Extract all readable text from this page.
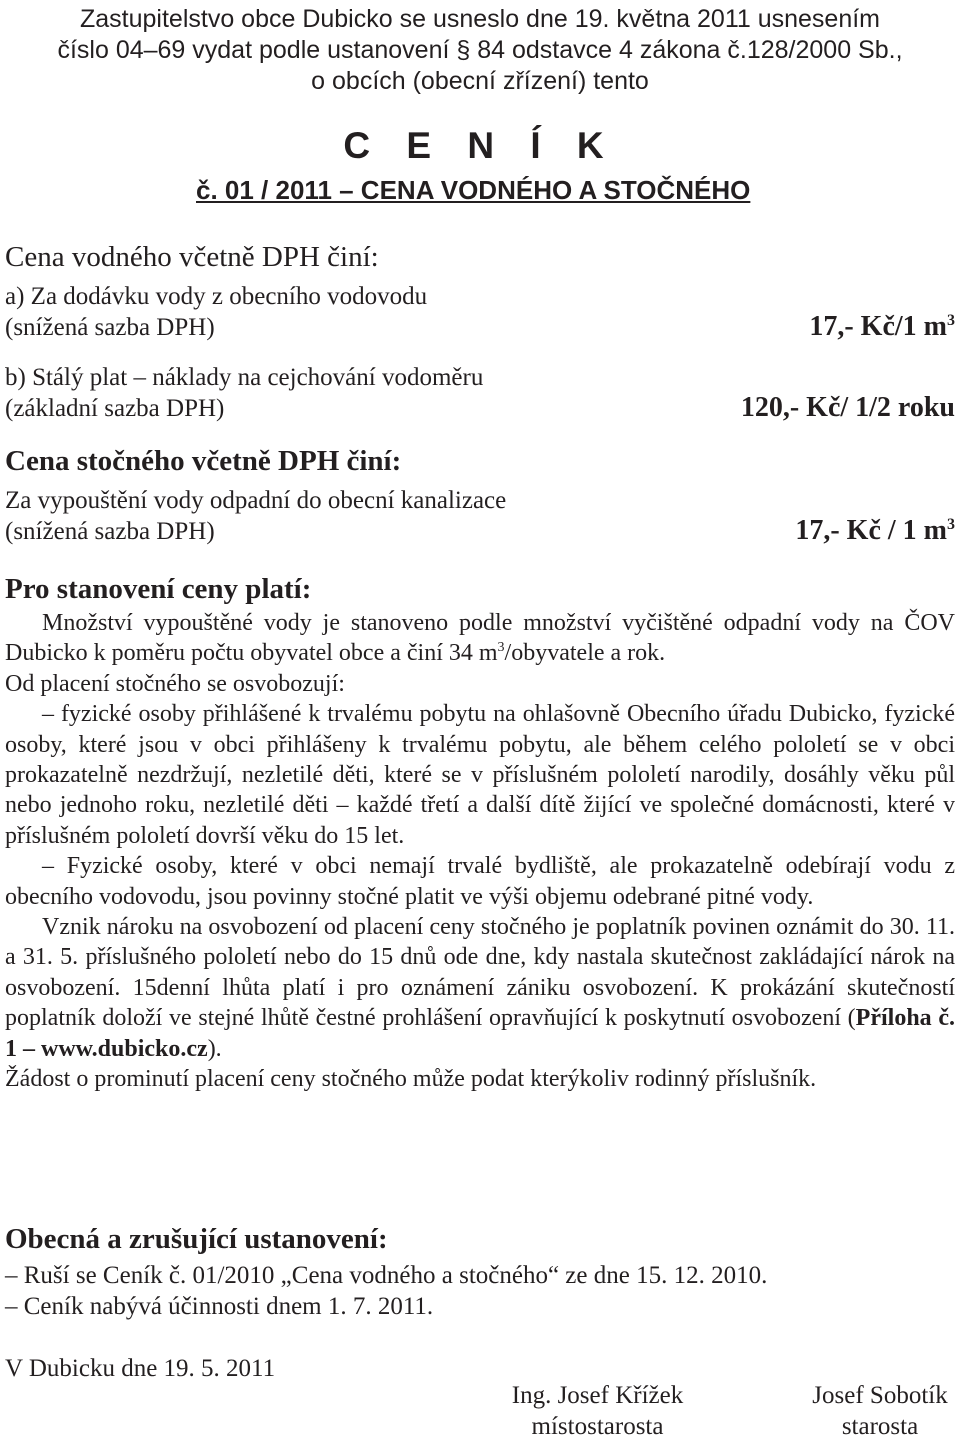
Zastupitelstvo obce Dubicko se usneslo dne 19. května 2011 usnesením
číslo 04–69 vydat podle ustanovení § 84 odstavce 4 zákona č.128/2000 Sb.,
o obcích (obecní zřízení) tento
C E N Í K
č. 01 / 2011 – CENA VODNÉHO A STOČNÉHO
Cena vodného včetně DPH činí:
a) Za dodávku vody z obecního vodovodu
(snížená sazba DPH)	17,- Kč/1 $m^3$
b) Stálý plat – náklady na cejchování vodoměru
(základní sazba DPH)	120,- Kč/ 1/2 roku
Cena stočného včetně DPH činí:
Za vypouštění vody odpadní do obecní kanalizace
(snížená sazba DPH)	17,- Kč / 1 $m^3$
Pro stanovení ceny platí:

Množství vypouštěné vody je stanoveno podle množství vyčištěné odpadní vody na ČOV Dubicko k poměru počtu obyvatel obce a činí 34 $m^3$/obyvatele a rok.

Od placení stočného se osvobozují:

– fyzické osoby přihlášené k trvalému pobytu na ohlašovně Obecního úřadu Dubicko, fyzické osoby, které jsou v obci přihlášeny k trvalému pobytu, ale během celého pololetí se v obci prokazatelně nezdržují, nezletilé děti, které se v příslušném pololetí narodily, dosáhly věku půl nebo jednoho roku, nezletilé děti – každé třetí a další dítě žijící ve společné domácnosti, které v příslušném pololetí dovrší věku do 15 let.

– Fyzické osoby, které v obci nemají trvalé bydliště, ale prokazatelně odebírají vodu z obecního vodovodu, jsou povinny stočné platit ve výši objemu odebrané pitné vody.

Vznik nároku na osvobození od placení ceny stočného je poplatník povinen oznámit do 30. 11. a 31. 5. příslušného pololetí nebo do 15 dnů ode dne, kdy nastala skutečnost zakládající nárok na osvobození. 15denní lhůta platí i pro oznámení zániku osvobození. K prokázání skutečností poplatník doloží ve stejné lhůtě čestné prohlášení opravňující k poskytnutí osvobození (Příloha č. 1 – www.dubicko.cz).

Žádost o prominutí placení ceny stočného může podat kterýkoliv rodinný příslušník.

Obecná a zrušující ustanovení:
– Ruší se Ceník č. 01/2010 „Cena vodného a stočného“ ze dne 15. 12. 2010.
– Ceník nabývá účinnosti dnem 1. 7. 2011.
V Dubicku dne 19. 5. 2011
Ing. Josef Křížek
místostarosta
Josef Sobotík
starosta
